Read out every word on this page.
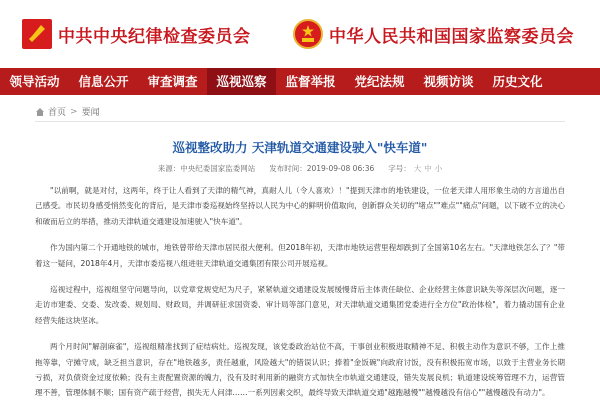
中共中央纪律检查委员会	中华人民共和国国家监察委员会
领导活动	信息公开	审查调查	巡视巡察	监督举报	党纪法规	视频访谈	历史文化
首页 > 要闻
巡视整改助力 天津轨道交通建设驶入"快车道"
来源：中央纪委国家监委网站 发布时间：2019-09-08 06:36 字号： 大 中 小

"以前啊，就是对付，这两年，终于让人看到了天津的精气神，真耐人儿（令人喜欢）！"提到天津市的地铁建设，一位老天津人用形象生动的方言道出自己感受。市民切身感受悄然变化的背后，是天津市委巡视始终坚持以人民为中心的鲜明价值取向，创新群众关切的"堵点""难点""痛点"问题，以下破不立的决心和破而后立的举措，推动天津轨道交通建设加速驶入"快车道"。

作为国内第二个开通地铁的城市，地铁曾带给天津市居民很大便利。但2018年初，天津市地铁运营里程却跌到了全国第10名左右。"天津地铁怎么了？"带着这一疑问，2018年4月，天津市委巡视八组进驻天津轨道交通集团有限公司开展巡视。

巡视过程中，巡视组坚守问题导向，以党章党规党纪为尺子，紧紧轨道交通建设发展缓慢背后主体责任缺位、企业经营主体意识缺失等深层次问题，逐一走访市建委、交委、发改委、规划局、财政局，并调研征求国资委、审计局等部门意见，对天津轨道交通集团党委进行全方位"政治体检"，着力撬动国有企业经营失能这块坚冰。

两个月时间"解剖麻雀"，巡视组精准找到了症结病灶。巡视发现，该党委政治站位不高，干事创业积极进取精神不足、积极主动作为意识不够，工作上推拖等靠，守摊守成，缺乏担当意识，存在"地铁越多，责任越重，风险越大"的错误认识；捧着"金饭碗"向政府讨饭，没有积极拓宽市场，以致于主营业务长期亏损，对负债资金过度依赖；没有主责配置资源的魄力，没有及时利用新的融资方式加快全市轨道交通建设，错失发展良机；轨道建设统筹管理不力，运营管理不善，管理体制不顺；国有资产疏于经营，损失无人问津……一系列因素交织，最终导致天津轨道交通"越跑越慢""越慢越没有信心""越慢越没有动力"。
